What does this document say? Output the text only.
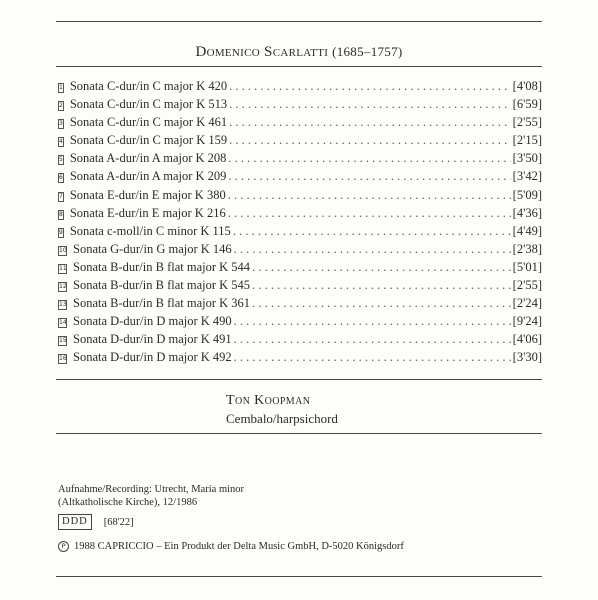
Domenico Scarlatti (1685–1757)
1 Sonata C-dur/in C major K 420 . . .	[4'08]
2 Sonata C-dur/in C major K 513 . . .	[6'59]
3 Sonata C-dur/in C major K 461 . . .	[2'55]
4 Sonata C-dur/in C major K 159 . . .	[2'15]
5 Sonata A-dur/in A major K 208 . . .	[3'50]
6 Sonata A-dur/in A major K 209 . . .	[3'42]
7 Sonata E-dur/in E major K 380 . . .	[5'09]
8 Sonata E-dur/in E major K 216 . . .	[4'36]
9 Sonata c-moll/in C minor K 115 . . .	[4'49]
10 Sonata G-dur/in G major K 146 . . .	[2'38]
11 Sonata B-dur/in B flat major K 544 . . .	[5'01]
12 Sonata B-dur/in B flat major K 545 . . .	[2'55]
13 Sonata B-dur/in B flat major K 361 . . .	[2'24]
14 Sonata D-dur/in D major K 490 . . .	[9'24]
15 Sonata D-dur/in D major K 491 . . .	[4'06]
16 Sonata D-dur/in D major K 492 . . .	[3'30]
Ton Koopman
Cembalo/harpsichord
Aufnahme/Recording: Utrecht, Maria minor
(Altkatholische Kirche), 12/1986
DDD	[68'22]
P 1988 CAPRICCIO – Ein Produkt der Delta Music GmbH, D-5020 Königsdorf
